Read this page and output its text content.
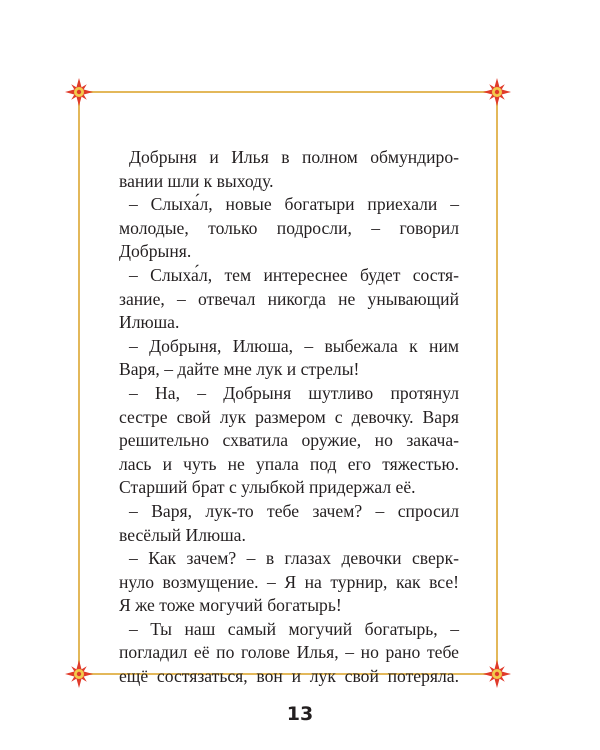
Добрыня и Илья в полном обмундиро-
вании шли к выходу.
– Слыха́л, новые богатыри приехали –
молодые, только подросли, – говорил
Добрыня.
– Слыха́л, тем интереснее будет состя-
зание, – отвечал никогда не унывающий
Илюша.
– Добрыня, Илюша, – выбежала к ним
Варя, – дайте мне лук и стрелы!
– На, – Добрыня шутливо протянул
сестре свой лук размером с девочку. Варя
решительно схватила оружие, но закача-
лась и чуть не упала под его тяжестью.
Старший брат с улыбкой придержал её.
– Варя, лук-то тебе зачем? – спросил
весёлый Илюша.
– Как зачем? – в глазах девочки сверк-
нуло возмущение. – Я на турнир, как все!
Я же тоже могучий богатырь!
– Ты наш самый могучий богатырь, –
погладил её по голове Илья, – но рано тебе
ещё состязаться, вон и лук свой потеряла.
13
